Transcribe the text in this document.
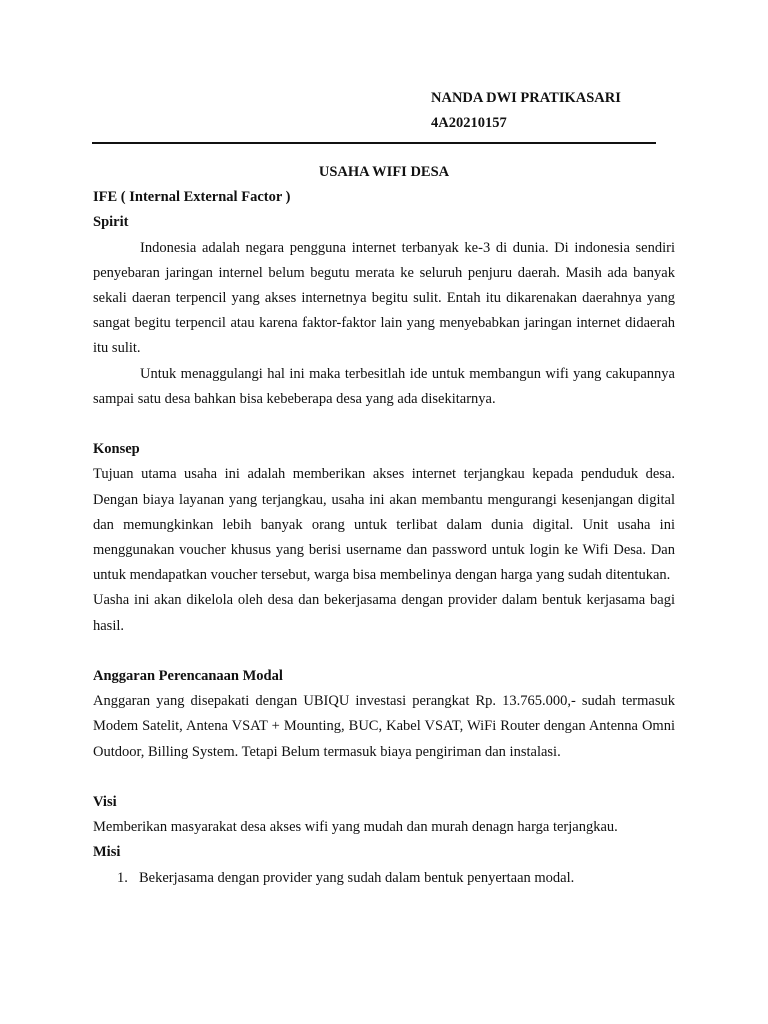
NANDA DWI PRATIKASARI
4A20210157

USAHA WIFI DESA

IFE ( Internal External Factor )

Spirit

Indonesia adalah negara pengguna internet terbanyak ke-3 di dunia. Di indonesia sendiri penyebaran jaringan internel belum begutu merata ke seluruh penjuru daerah. Masih ada banyak sekali daeran terpencil yang akses internetnya begitu sulit. Entah itu dikarenakan daerahnya yang sangat begitu terpencil atau karena faktor-faktor lain yang menyebabkan jaringan internet didaerah itu sulit.

Untuk menaggulangi hal ini maka terbesitlah ide untuk membangun wifi yang cakupannya sampai satu desa bahkan bisa kebeberapa desa yang ada disekitarnya.

Konsep

Tujuan utama usaha ini adalah memberikan akses internet terjangkau kepada penduduk desa. Dengan biaya layanan yang terjangkau, usaha ini akan membantu mengurangi kesenjangan digital dan memungkinkan lebih banyak orang untuk terlibat dalam dunia digital. Unit usaha ini menggunakan voucher khusus yang berisi username dan password untuk login ke Wifi Desa. Dan untuk mendapatkan voucher tersebut, warga bisa membelinya dengan harga yang sudah ditentukan.

Uasha ini akan dikelola oleh desa dan bekerjasama dengan provider dalam bentuk kerjasama bagi hasil.

Anggaran Perencanaan Modal

Anggaran yang disepakati dengan UBIQU investasi perangkat Rp. 13.765.000,- sudah termasuk Modem Satelit, Antena VSAT + Mounting, BUC, Kabel VSAT, WiFi Router dengan Antenna Omni Outdoor, Billing System. Tetapi Belum termasuk biaya pengiriman dan instalasi.

Visi

Memberikan masyarakat desa akses wifi yang mudah dan murah denagn harga terjangkau.

Misi

1. Bekerjasama dengan provider yang sudah dalam bentuk penyertaan modal.
